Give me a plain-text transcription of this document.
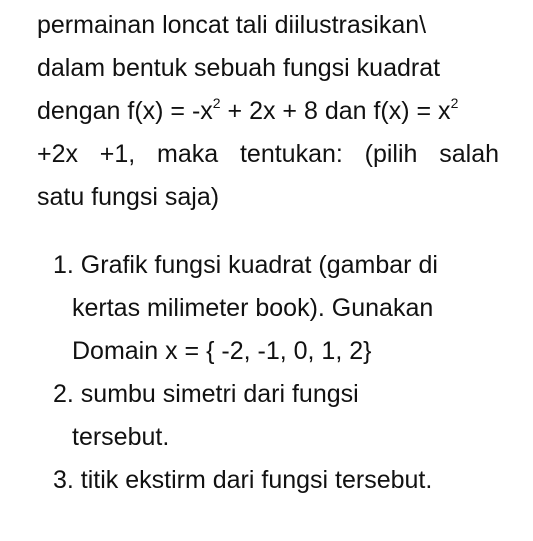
permainan loncat tali diilustrasikan\
dalam bentuk sebuah fungsi kuadrat
dengan $f(x) = -x^2 + 2x + 8$ dan $f(x) = x^2$
+2x +1, maka tentukan: (pilih salah
satu fungsi saja)
1. Grafik fungsi kuadrat (gambar di
kertas milimeter book). Gunakan
Domain x = { -2, -1, 0, 1, 2}
2. sumbu simetri dari fungsi
tersebut.
3. titik ekstirm dari fungsi tersebut.
